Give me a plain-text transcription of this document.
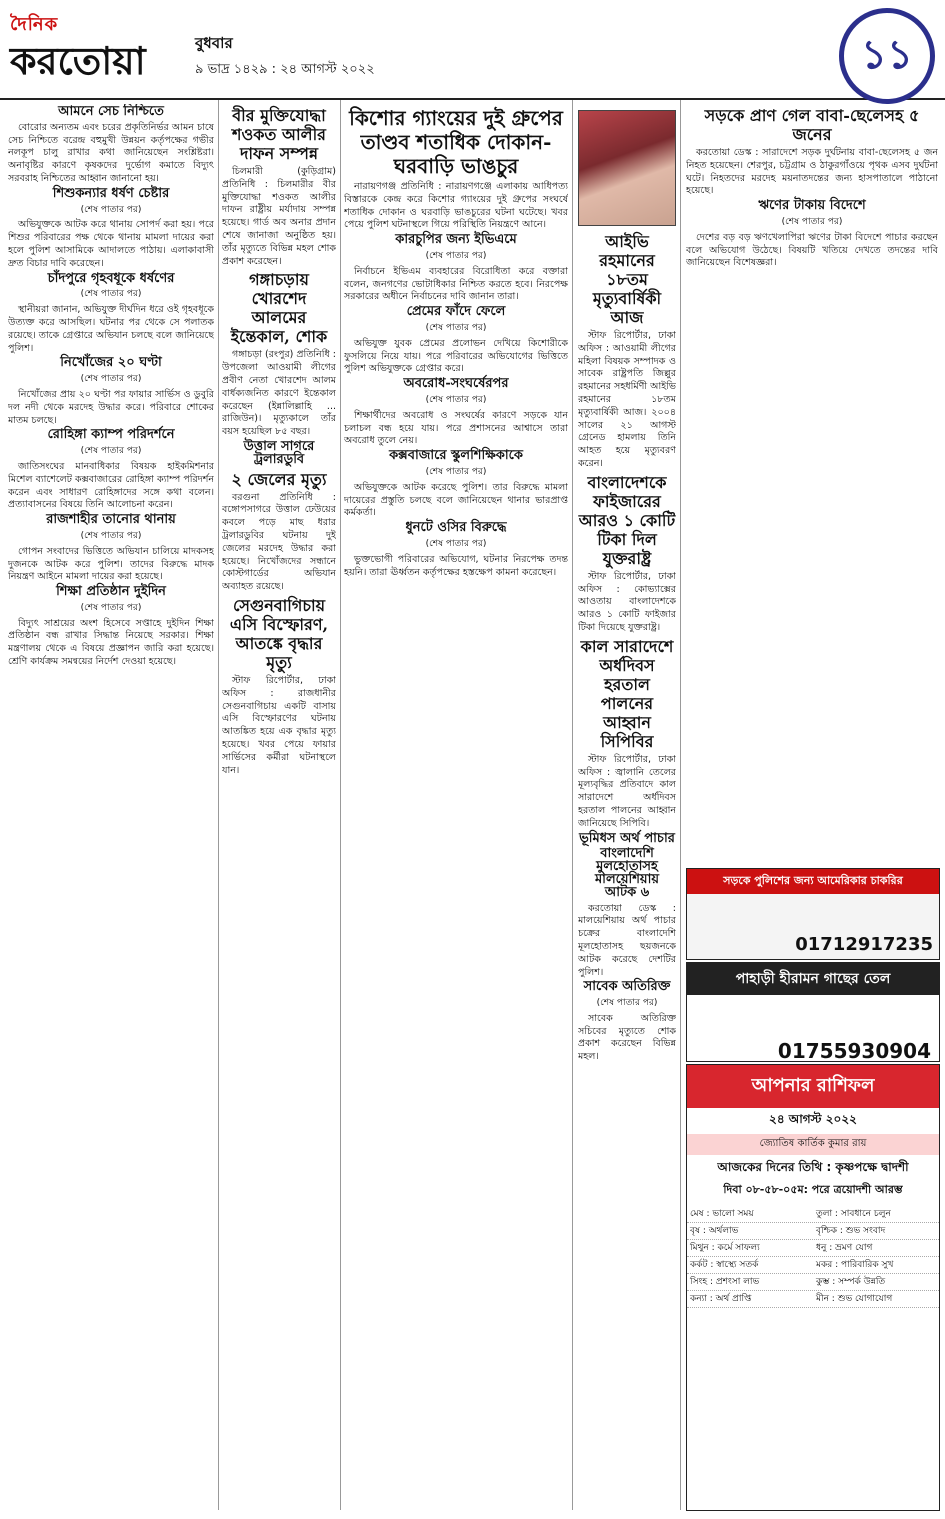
দৈনিক
করতোয়া	বুধবার
৯ ভাদ্র ১৪২৯ : ২৪ আগস্ট ২০২২	১১
আমনে সেচ নিশ্চিতে

বোরোর অন্যতম এবং চরের প্রকৃতিনির্ভর আমন চাষে সেচ নিশ্চিতে বরেন্দ্র বহুমুখী উন্নয়ন কর্তৃপক্ষের গভীর নলকূপ চালু রাখার কথা জানিয়েছেন সংশ্লিষ্টরা। অনাবৃষ্টির কারণে কৃষকদের দুর্ভোগ কমাতে বিদ্যুৎ সরবরাহ নিশ্চিতের আহ্বান জানানো হয়।

শিশুকন্যার ধর্ষণ চেষ্টার
(শেষ পাতার পর)

অভিযুক্তকে আটক করে থানায় সোপর্দ করা হয়। পরে শিশুর পরিবারের পক্ষ থেকে থানায় মামলা দায়ের করা হলে পুলিশ আসামিকে আদালতে পাঠায়। এলাকাবাসী দ্রুত বিচার দাবি করেছেন।

চাঁদপুরে গৃহবধূকে ধর্ষণের
(শেষ পাতার পর)

স্থানীয়রা জানান, অভিযুক্ত দীর্ঘদিন ধরে ওই গৃহবধূকে উত্যক্ত করে আসছিল। ঘটনার পর থেকে সে পলাতক রয়েছে। তাকে গ্রেপ্তারে অভিযান চলছে বলে জানিয়েছে পুলিশ।

নিখোঁজের ২০ ঘণ্টা
(শেষ পাতার পর)

নিখোঁজের প্রায় ২০ ঘণ্টা পর ফায়ার সার্ভিস ও ডুবুরি দল নদী থেকে মরদেহ উদ্ধার করে। পরিবারে শোকের মাতম চলছে।

রোহিঙ্গা ক্যাম্প পরিদর্শনে
(শেষ পাতার পর)

জাতিসংঘের মানবাধিকার বিষয়ক হাইকমিশনার মিশেল ব্যাশেলেট কক্সবাজারের রোহিঙ্গা ক্যাম্প পরিদর্শন করেন এবং সাধারণ রোহিঙ্গাদের সঙ্গে কথা বলেন। প্রত্যাবাসনের বিষয়ে তিনি আলোচনা করেন।

রাজশাহীর তানোর থানায়
(শেষ পাতার পর)

গোপন সংবাদের ভিত্তিতে অভিযান চালিয়ে মাদকসহ দুজনকে আটক করে পুলিশ। তাদের বিরুদ্ধে মাদক নিয়ন্ত্রণ আইনে মামলা দায়ের করা হয়েছে।

শিক্ষা প্রতিষ্ঠান দুইদিন
(শেষ পাতার পর)

বিদ্যুৎ সাশ্রয়ের অংশ হিসেবে সপ্তাহে দুইদিন শিক্ষা প্রতিষ্ঠান বন্ধ রাখার সিদ্ধান্ত নিয়েছে সরকার। শিক্ষা মন্ত্রণালয় থেকে এ বিষয়ে প্রজ্ঞাপন জারি করা হয়েছে। শ্রেণি কার্যক্রম সমন্বয়ের নির্দেশ দেওয়া হয়েছে।

বীর মুক্তিযোদ্ধা শওকত আলীর দাফন সম্পন্ন

চিলমারী (কুড়িগ্রাম) প্রতিনিধি : চিলমারীর বীর মুক্তিযোদ্ধা শওকত আলীর দাফন রাষ্ট্রীয় মর্যাদায় সম্পন্ন হয়েছে। গার্ড অব অনার প্রদান শেষে জানাজা অনুষ্ঠিত হয়। তাঁর মৃত্যুতে বিভিন্ন মহল শোক প্রকাশ করেছেন।

গঙ্গাচড়ায় খোরশেদ আলমের ইন্তেকাল, শোক

গঙ্গাচড়া (রংপুর) প্রতিনিধি : উপজেলা আওয়ামী লীগের প্রবীণ নেতা খোরশেদ আলম বার্ধক্যজনিত কারণে ইন্তেকাল করেছেন (ইন্নালিল্লাহি ... রাজিউন)। মৃত্যুকালে তাঁর বয়স হয়েছিল ৮৫ বছর।

উত্তাল সাগরে ট্রলারডুবি
২ জেলের মৃত্যু

বরগুনা প্রতিনিধি : বঙ্গোপসাগরে উত্তাল ঢেউয়ের কবলে পড়ে মাছ ধরার ট্রলারডুবির ঘটনায় দুই জেলের মরদেহ উদ্ধার করা হয়েছে। নিখোঁজদের সন্ধানে কোস্টগার্ডের অভিযান অব্যাহত রয়েছে।

সেগুনবাগিচায় এসি বিস্ফোরণ, আতঙ্কে বৃদ্ধার মৃত্যু

স্টাফ রিপোর্টার, ঢাকা অফিস : রাজধানীর সেগুনবাগিচায় একটি বাসায় এসি বিস্ফোরণের ঘটনায় আতঙ্কিত হয়ে এক বৃদ্ধার মৃত্যু হয়েছে। খবর পেয়ে ফায়ার সার্ভিসের কর্মীরা ঘটনাস্থলে যান।

কিশোর গ্যাংয়ের দুই গ্রুপের তাণ্ডব শতাধিক দোকান-ঘরবাড়ি ভাঙচুর

নারায়ণগঞ্জ প্রতিনিধি : নারায়ণগঞ্জে এলাকায় আধিপত্য বিস্তারকে কেন্দ্র করে কিশোর গ্যাংয়ের দুই গ্রুপের সংঘর্ষে শতাধিক দোকান ও ঘরবাড়ি ভাঙচুরের ঘটনা ঘটেছে। খবর পেয়ে পুলিশ ঘটনাস্থলে গিয়ে পরিস্থিতি নিয়ন্ত্রণে আনে।

কারচুপির জন্য ইভিএমে
(শেষ পাতার পর)

নির্বাচনে ইভিএম ব্যবহারের বিরোধিতা করে বক্তারা বলেন, জনগণের ভোটাধিকার নিশ্চিত করতে হবে। নিরপেক্ষ সরকারের অধীনে নির্বাচনের দাবি জানান তারা।

প্রেমের ফাঁদে ফেলে
(শেষ পাতার পর)

অভিযুক্ত যুবক প্রেমের প্রলোভন দেখিয়ে কিশোরীকে ফুসলিয়ে নিয়ে যায়। পরে পরিবারের অভিযোগের ভিত্তিতে পুলিশ অভিযুক্তকে গ্রেপ্তার করে।

অবরোধ-সংঘর্ষেরপর
(শেষ পাতার পর)

শিক্ষার্থীদের অবরোধ ও সংঘর্ষের কারণে সড়কে যান চলাচল বন্ধ হয়ে যায়। পরে প্রশাসনের আশ্বাসে তারা অবরোধ তুলে নেয়।

কক্সবাজারে স্কুলশিক্ষিকাকে
(শেষ পাতার পর)

অভিযুক্তকে আটক করেছে পুলিশ। তার বিরুদ্ধে মামলা দায়েরের প্রস্তুতি চলছে বলে জানিয়েছেন থানার ভারপ্রাপ্ত কর্মকর্তা।

ধুনটে ওসির বিরুদ্ধে
(শেষ পাতার পর)

ভুক্তভোগী পরিবারের অভিযোগ, ঘটনার নিরপেক্ষ তদন্ত হয়নি। তারা ঊর্ধ্বতন কর্তৃপক্ষের হস্তক্ষেপ কামনা করেছেন।

আইভি রহমানের ১৮তম মৃত্যুবার্ষিকী আজ

স্টাফ রিপোর্টার, ঢাকা অফিস : আওয়ামী লীগের মহিলা বিষয়ক সম্পাদক ও সাবেক রাষ্ট্রপতি জিল্লুর রহমানের সহধর্মিণী আইভি রহমানের ১৮তম মৃত্যুবার্ষিকী আজ। ২০০৪ সালের ২১ আগস্ট গ্রেনেড হামলায় তিনি আহত হয়ে মৃত্যুবরণ করেন।

বাংলাদেশকে ফাইজারের আরও ১ কোটি টিকা দিল যুক্তরাষ্ট্র

স্টাফ রিপোর্টার, ঢাকা অফিস : কোভ্যাক্সের আওতায় বাংলাদেশকে আরও ১ কোটি ফাইজার টিকা দিয়েছে যুক্তরাষ্ট্র।

কাল সারাদেশে অর্ধদিবস হরতাল পালনের আহ্বান সিপিবির

স্টাফ রিপোর্টার, ঢাকা অফিস : জ্বালানি তেলের মূল্যবৃদ্ধির প্রতিবাদে কাল সারাদেশে অর্ধদিবস হরতাল পালনের আহ্বান জানিয়েছে সিপিবি।

ভূমিধস অর্থ পাচার
বাংলাদেশি মুলহোতাসহ মালয়েশিয়ায় আটক ৬

করতোয়া ডেস্ক : মালয়েশিয়ায় অর্থ পাচার চক্রের বাংলাদেশি মূলহোতাসহ ছয়জনকে আটক করেছে দেশটির পুলিশ।

সাবেক অতিরিক্ত
(শেষ পাতার পর)

সাবেক অতিরিক্ত সচিবের মৃত্যুতে শোক প্রকাশ করেছেন বিভিন্ন মহল।

সড়কে প্রাণ গেল বাবা-ছেলেসহ ৫ জনের

করতোয়া ডেস্ক : সারাদেশে সড়ক দুর্ঘটনায় বাবা-ছেলেসহ ৫ জন নিহত হয়েছেন। শেরপুর, চট্টগ্রাম ও ঠাকুরগাঁওয়ে পৃথক এসব দুর্ঘটনা ঘটে। নিহতদের মরদেহ ময়নাতদন্তের জন্য হাসপাতালে পাঠানো হয়েছে।

ঋণের টাকায় বিদেশে
(শেষ পাতার পর)

দেশের বড় বড় ঋণখেলাপিরা ঋণের টাকা বিদেশে পাচার করছেন বলে অভিযোগ উঠেছে। বিষয়টি খতিয়ে দেখতে তদন্তের দাবি জানিয়েছেন বিশেষজ্ঞরা।

সড়কে পুলিশের জন্য আমেরিকার চাকরির
01712917235
পাহাড়ী হীরামন গাছের তেল
01755930904
আপনার রাশিফল
২৪ আগস্ট ২০২২
জ্যোতিষ কার্তিক কুমার রায়
আজকের দিনের তিথি : কৃষ্ণপক্ষে দ্বাদশী
দিবা ০৮-৫৮-০৫ম: পরে ত্রয়োদশী আরম্ভ
মেষ : ভালো সময়	তুলা : সাবধানে চলুন
বৃষ : অর্থলাভ	বৃশ্চিক : শুভ সংবাদ
মিথুন : কর্মে সাফল্য	ধনু : ভ্রমণ যোগ
কর্কট : স্বাস্থ্যে সতর্ক	মকর : পারিবারিক সুখ
সিংহ : প্রশংসা লাভ	কুম্ভ : সম্পর্ক উন্নতি
কন্যা : অর্থ প্রাপ্তি	মীন : শুভ যোগাযোগ
